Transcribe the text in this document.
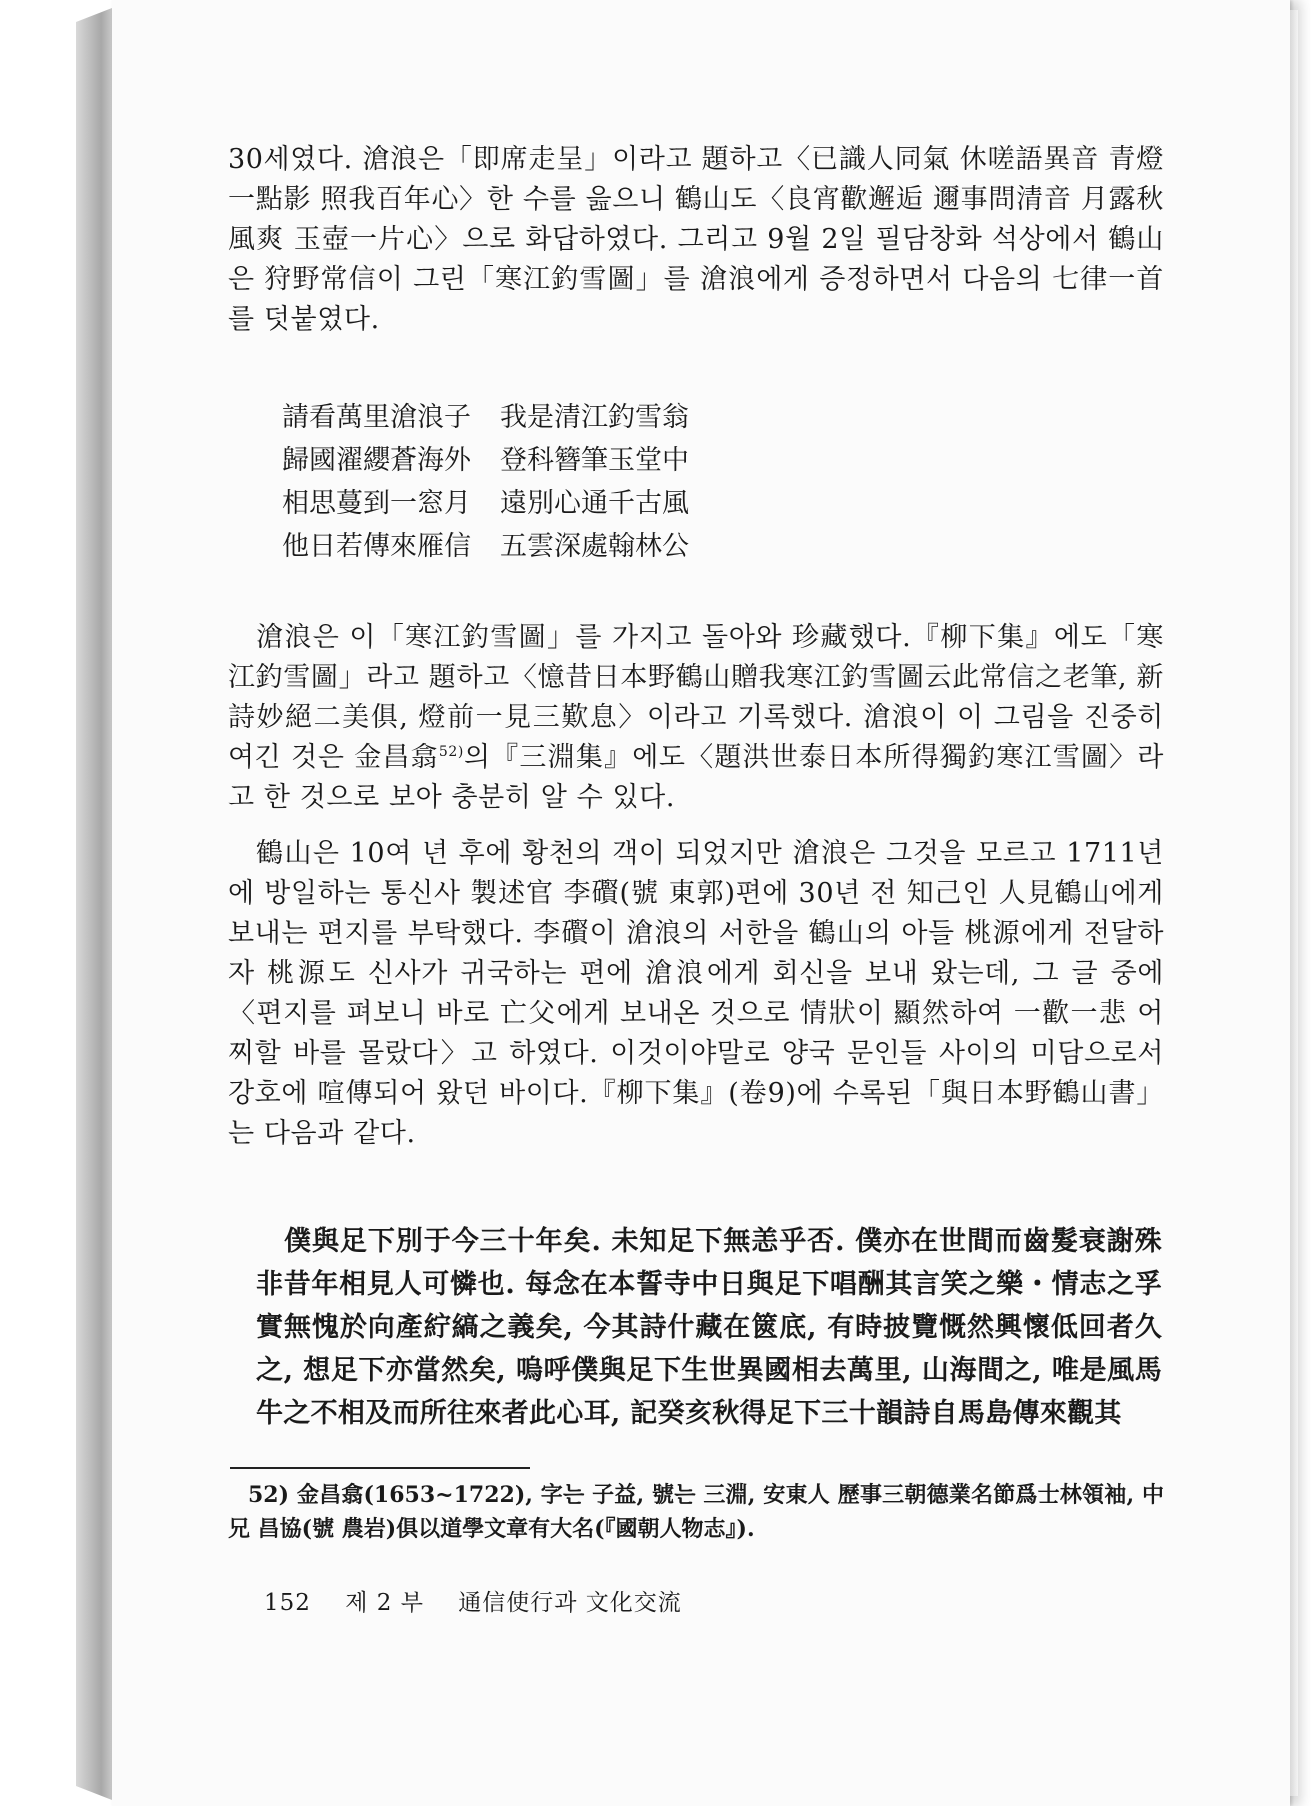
30세였다. 滄浪은「即席走呈」이라고 題하고〈已識人同氣 休嗟語異音 青燈一點影 照我百年心〉한 수를 읊으니 鶴山도〈良宵歡邂逅 邇事問清音 月露秋風爽 玉壺一片心〉으로 화답하였다. 그리고 9월 2일 필담창화 석상에서 鶴山은 狩野常信이 그린「寒江釣雪圖」를 滄浪에게 증정하면서 다음의 七律一首를 덧붙였다.
請看萬里滄浪子 我是清江釣雪翁
歸國濯纓蒼海外 登科簪筆玉堂中
相思蔓到一窓月 遠別心通千古風
他日若傳來雁信 五雲深處翰林公
滄浪은 이「寒江釣雪圖」를 가지고 돌아와 珍藏했다.『柳下集』에도「寒江釣雪圖」라고 題하고〈憶昔日本野鶴山贈我寒江釣雪圖云此常信之老筆, 新詩妙絕二美俱, 燈前一見三歎息〉이라고 기록했다. 滄浪이 이 그림을 진중히 여긴 것은 金昌翕$^{52)}$의『三淵集』에도〈題洪世泰日本所得獨釣寒江雪圖〉라고 한 것으로 보아 충분히 알 수 있다.
鶴山은 10여 년 후에 황천의 객이 되었지만 滄浪은 그것을 모르고 1711년에 방일하는 통신사 製述官 李礥(號 東郭)편에 30년 전 知己인 人見鶴山에게 보내는 편지를 부탁했다. 李礥이 滄浪의 서한을 鶴山의 아들 桃源에게 전달하자 桃源도 신사가 귀국하는 편에 滄浪에게 회신을 보내 왔는데, 그 글 중에〈편지를 펴보니 바로 亡父에게 보내온 것으로 情狀이 顯然하여 一歡一悲 어찌할 바를 몰랐다〉고 하였다. 이것이야말로 양국 문인들 사이의 미담으로서 강호에 喧傳되어 왔던 바이다.『柳下集』(卷9)에 수록된「與日本野鶴山書」는 다음과 같다.
僕與足下別于今三十年矣. 未知足下無恙乎否. 僕亦在世間而齒髮衰謝殊非昔年相見人可憐也. 每念在本誓寺中日與足下唱酬其言笑之樂・情志之孚實無愧於向產紵縞之義矣, 今其詩什藏在篋底, 有時披覽慨然興懷低回者久之, 想足下亦當然矣, 嗚呼僕與足下生世異國相去萬里, 山海間之, 唯是風馬牛之不相及而所往來者此心耳, 記癸亥秋得足下三十韻詩自馬島傳來觀其
52) 金昌翕(1653~1722), 字는 子益, 號는 三淵, 安東人 歷事三朝德業名節爲士林領袖, 中兄 昌協(號 農岩)俱以道學文章有大名(『國朝人物志』).
152 제 2 부 通信使行과 文化交流
